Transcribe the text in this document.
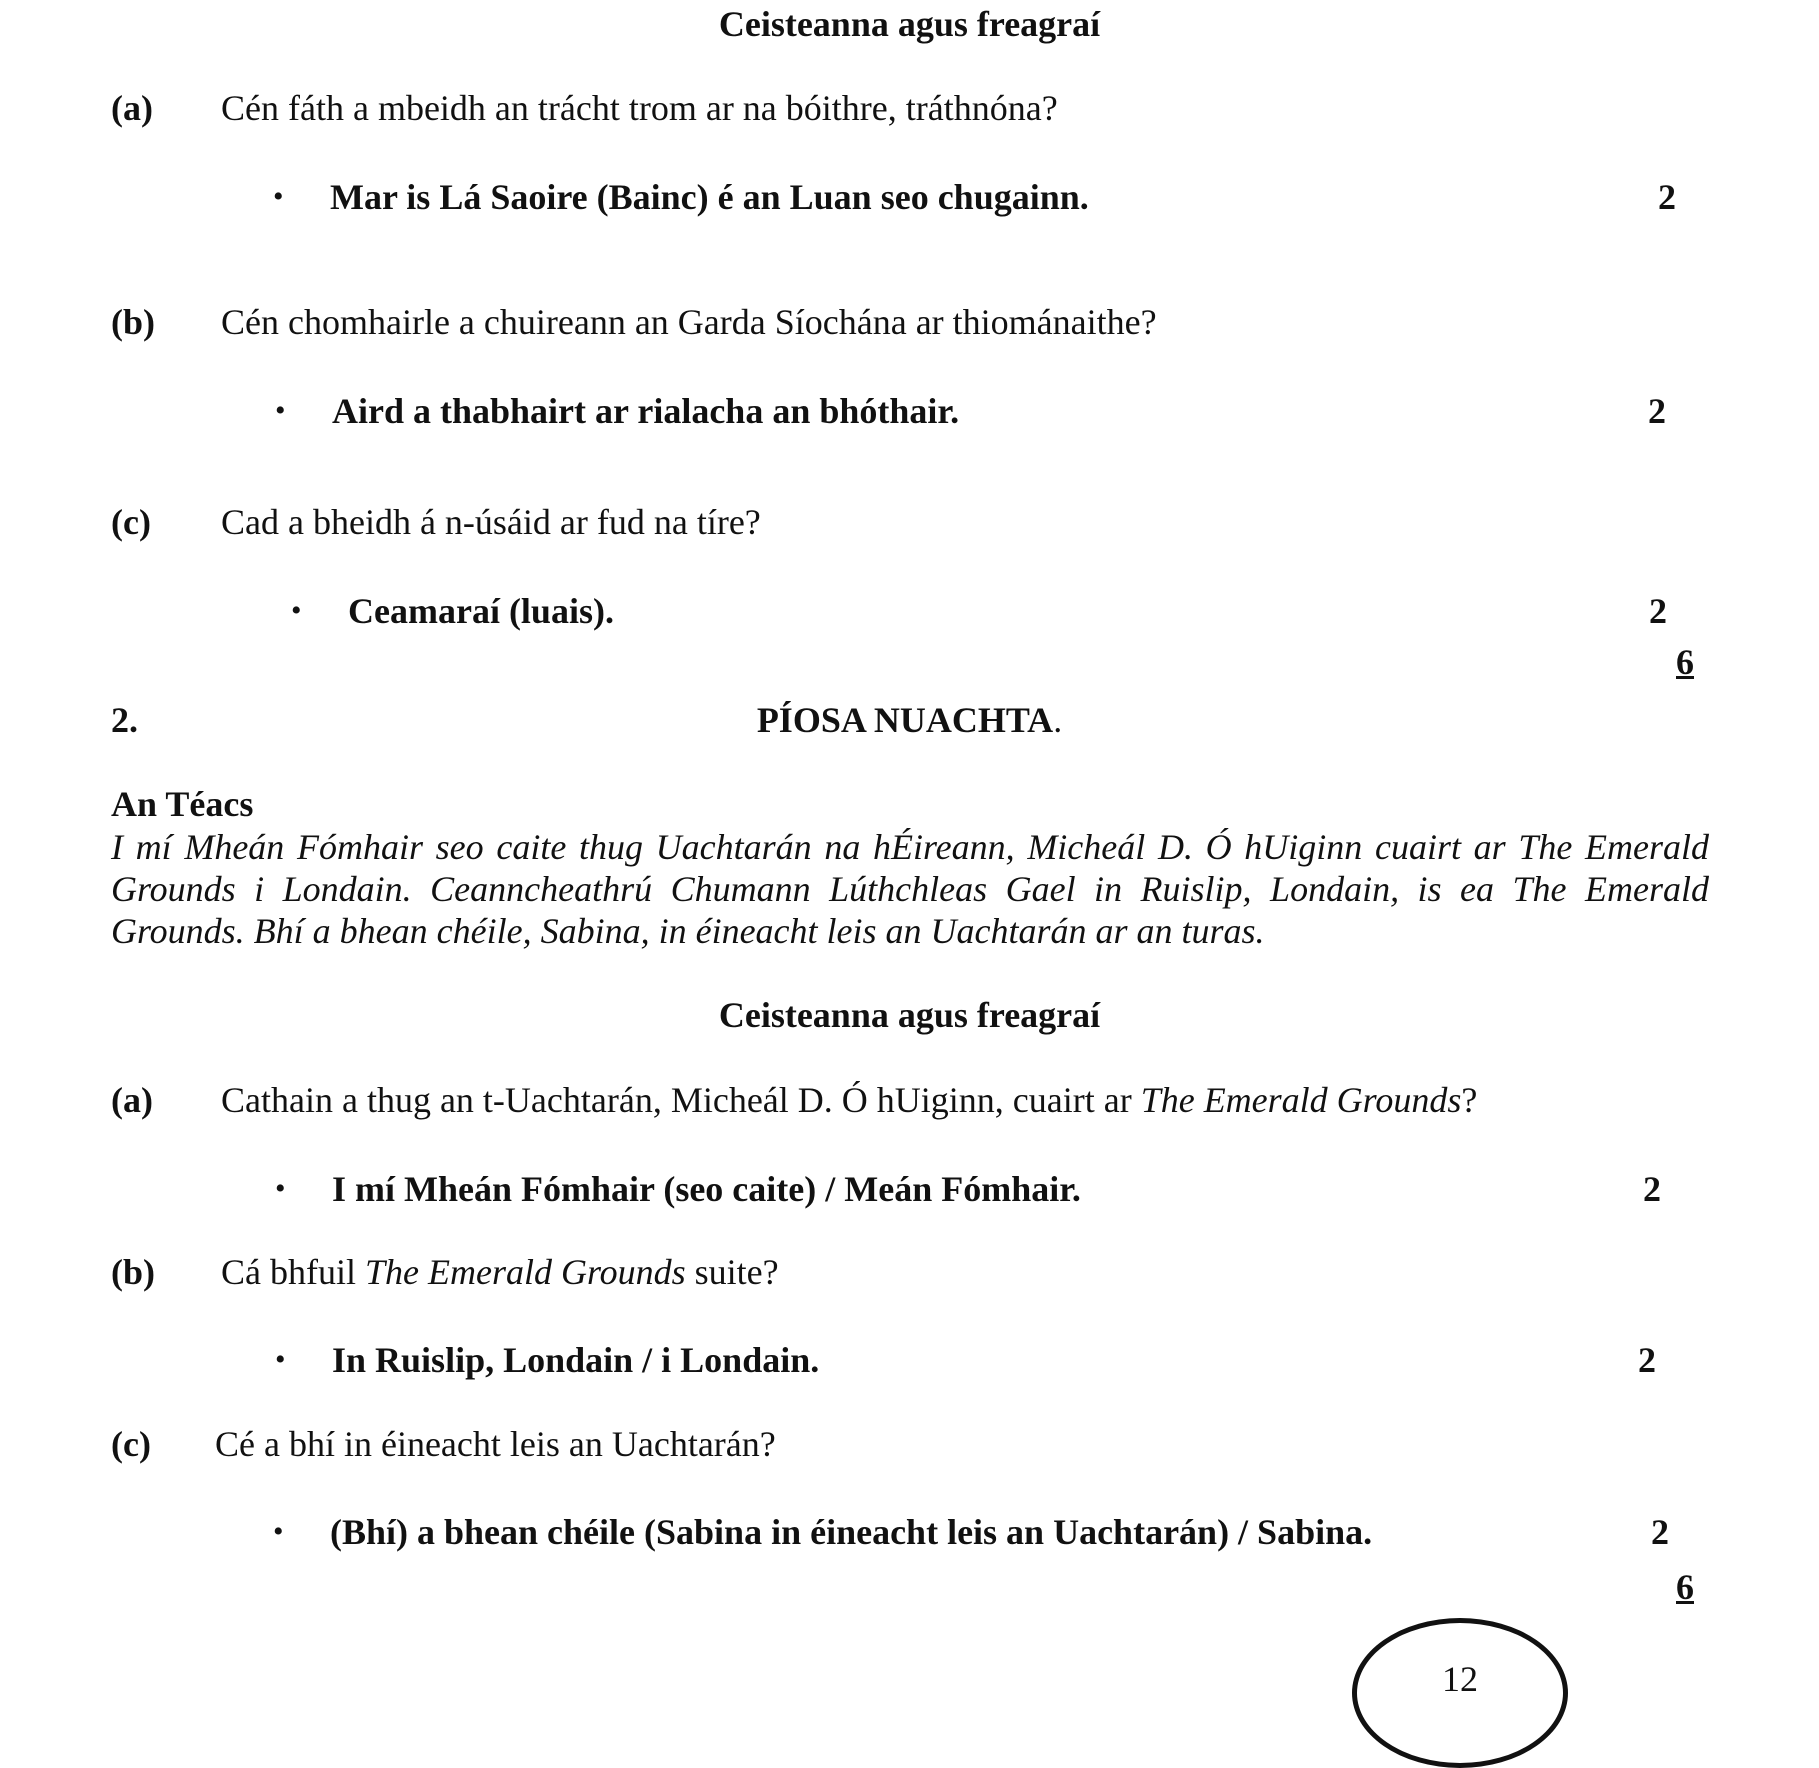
Ceisteanna agus freagraí
(a) Cén fáth a mbeidh an trácht trom ar na bóithre, tráthnóna?
• Mar is Lá Saoire (Bainc) é an Luan seo chugainn.	2
(b) Cén chomhairle a chuireann an Garda Síochána ar thiománaithe?
• Aird a thabhairt ar rialacha an bhóthair.	2
(c) Cad a bheidh á n-úsáid ar fud na tíre?
• Ceamaraí (luais).	2
6
2.	PÍOSA NUACHTA.
An Téacs
I mí Mheán Fómhair seo caite thug Uachtarán na hÉireann, Micheál D. Ó hUiginn cuairt ar The Emerald Grounds i Londain. Ceanncheathrú Chumann Lúthchleas Gael in Ruislip, Londain, is ea The Emerald Grounds. Bhí a bhean chéile, Sabina, in éineacht leis an Uachtarán ar an turas.
Ceisteanna agus freagraí
(a) Cathain a thug an t-Uachtarán, Micheál D. Ó hUiginn, cuairt ar The Emerald Grounds?
• I mí Mheán Fómhair (seo caite) / Meán Fómhair.	2
(b) Cá bhfuil The Emerald Grounds suite?
• In Ruislip, Londain / i Londain.	2
(c) Cé a bhí in éineacht leis an Uachtarán?
• (Bhí) a bhean chéile (Sabina in éineacht leis an Uachtarán) / Sabina.	2
6
12
